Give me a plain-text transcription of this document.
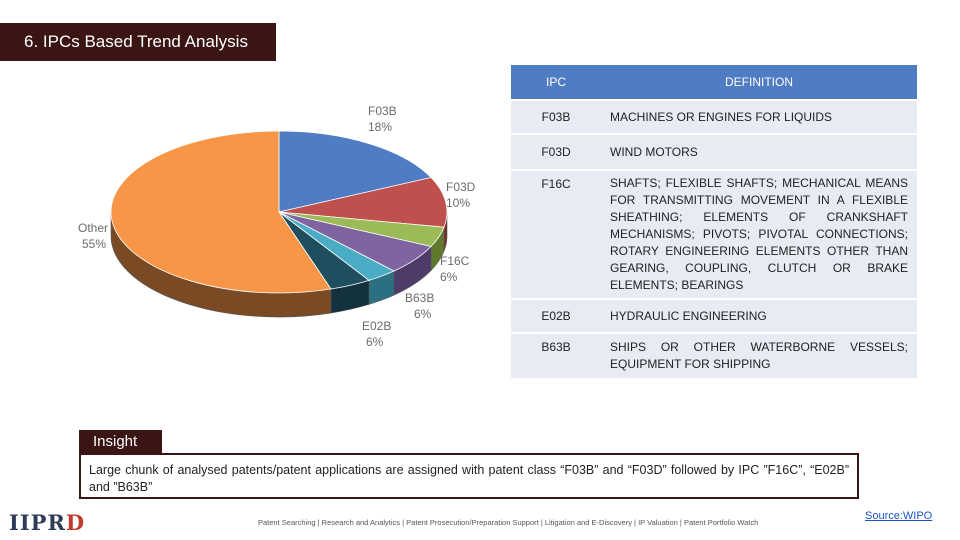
6. IPCs Based Trend Analysis
F03B
18%
F03D
10%
F16C
6%
B63B
6%
E02B
6%
Other
55%
IPC	DEFINITION
F03B	MACHINES OR ENGINES FOR LIQUIDS
F03D	WIND MOTORS
F16C	SHAFTS; FLEXIBLE SHAFTS; MECHANICAL MEANS FOR TRANSMITTING MOVEMENT IN A FLEXIBLE SHEATHING; ELEMENTS OF CRANKSHAFT MECHANISMS; PIVOTS; PIVOTAL CONNECTIONS; ROTARY ENGINEERING ELEMENTS OTHER THAN GEARING, COUPLING, CLUTCH OR BRAKE ELEMENTS; BEARINGS
E02B	HYDRAULIC ENGINEERING
B63B	SHIPS OR OTHER WATERBORNE VESSELS; EQUIPMENT FOR SHIPPING
Insight
Large chunk of analysed patents/patent applications are assigned with patent class “F03B” and “F03D” followed by IPC ”F16C”, “E02B” and ”B63B”
IIPRD	Patent Searching | Research and Analytics | Patent Prosecution/Preparation Support | Litigation and E-Discovery | IP Valuation | Patent Portfolio Watch
Source:WIPO
